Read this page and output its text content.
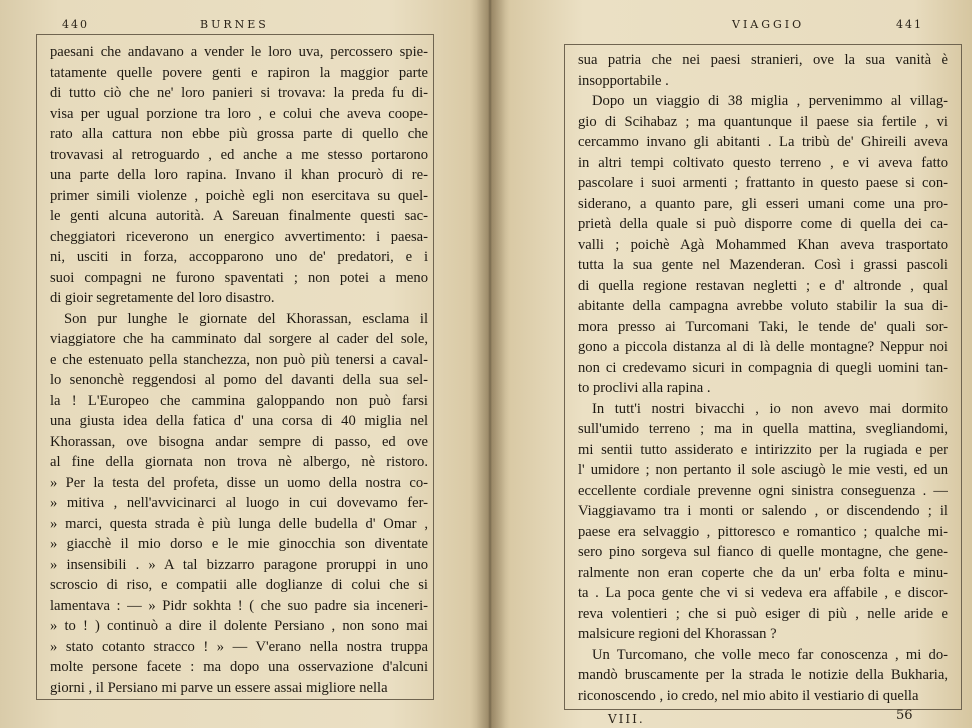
440	BURNES
paesani che andavano a vender le loro uva, percossero spie-
tatamente quelle povere genti e rapiron la maggior parte
di tutto ciò che ne' loro panieri si trovava: la preda fu di-
visa per ugual porzione tra loro , e colui che aveva coope-
rato alla cattura non ebbe più grossa parte di quello che
trovavasi al retroguardo , ed anche a me stesso portarono
una parte della loro rapina. Invano il khan procurò di re-
primer simili violenze , poichè egli non esercitava su quel-
le genti alcuna autorità. A Sareuan finalmente questi sac-
cheggiatori riceverono un energico avvertimento: i paesa-
ni, usciti in forza, accopparono uno de' predatori, e i
suoi compagni ne furono spaventati ; non potei a meno
di gioir segretamente del loro disastro.
Son pur lunghe le giornate del Khorassan, esclama il
viaggiatore che ha camminato dal sorgere al cader del sole,
e che estenuato pella stanchezza, non può più tenersi a caval-
lo senonchè reggendosi al pomo del davanti della sua sel-
la ! L'Europeo che cammina galoppando non può farsi
una giusta idea della fatica d' una corsa di 40 miglia nel
Khorassan, ove bisogna andar sempre di passo, ed ove
al fine della giornata non trova nè albergo, nè ristoro.
» Per la testa del profeta, disse un uomo della nostra co-
» mitiva , nell'avvicinarci al luogo in cui dovevamo fer-
» marci, questa strada è più lunga delle budella d' Omar ,
» giacchè il mio dorso e le mie ginocchia son diventate
» insensibili . » A tal bizzarro paragone proruppi in uno
scroscio di riso, e compatii alle doglianze di colui che si
lamentava : — » Pidr sokhta ! ( che suo padre sia inceneri-
» to ! ) continuò a dire il dolente Persiano , non sono mai
» stato cotanto stracco ! » — V'erano nella nostra truppa
molte persone facete : ma dopo una osservazione d'alcuni
giorni , il Persiano mi parve un essere assai migliore nella
VIAGGIO	441
sua patria che nei paesi stranieri, ove la sua vanità è
insopportabile .
Dopo un viaggio di 38 miglia , pervenimmo al villag-
gio di Scihabaz ; ma quantunque il paese sia fertile , vi
cercammo invano gli abitanti . La tribù de' Ghireili aveva
in altri tempi coltivato questo terreno , e vi aveva fatto
pascolare i suoi armenti ; frattanto in questo paese si con-
siderano, a quanto pare, gli esseri umani come una pro-
prietà della quale si può disporre come di quella dei ca-
valli ; poichè Agà Mohammed Khan aveva trasportato
tutta la sua gente nel Mazenderan. Così i grassi pascoli
di quella regione restavan negletti ; e d' altronde , qual
abitante della campagna avrebbe voluto stabilir la sua di-
mora presso ai Turcomani Taki, le tende de' quali sor-
gono a piccola distanza al di là delle montagne? Neppur noi
non ci credevamo sicuri in compagnia di quegli uomini tan-
to proclivi alla rapina .
In tutt'i nostri bivacchi , io non avevo mai dormito
sull'umido terreno ; ma in quella mattina, svegliandomi,
mi sentii tutto assiderato e intirizzito per la rugiada e per
l' umidore ; non pertanto il sole asciugò le mie vesti, ed un
eccellente cordiale prevenne ogni sinistra conseguenza . —
Viaggiavamo tra i monti or salendo , or discendendo ; il
paese era selvaggio , pittoresco e romantico ; qualche mi-
sero pino sorgeva sul fianco di quelle montagne, che gene-
ralmente non eran coperte che da un' erba folta e minu-
ta . La poca gente che vi si vedeva era affabile , e discor-
reva volentieri ; che si può esiger di più , nelle aride e
malsicure regioni del Khorassan ?
Un Turcomano, che volle meco far conoscenza , mi do-
mandò bruscamente per la strada le notizie della Bukharia,
riconoscendo , io credo, nel mio abito il vestiario di quella
VIII.	56
